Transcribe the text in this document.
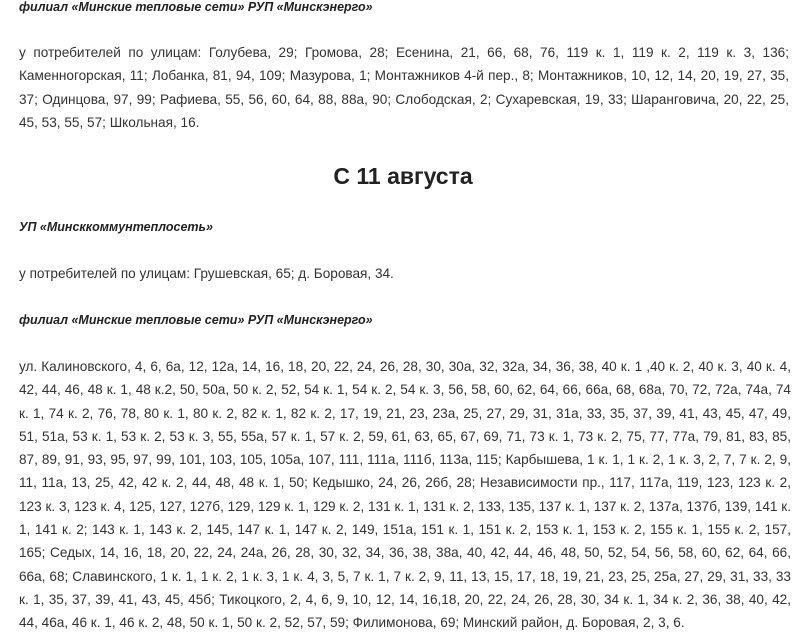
филиал «Минские тепловые сети» РУП «Минскэнерго»

у потребителей по улицам: Голубева, 29; Громова, 28; Есенина, 21, 66, 68, 76, 119 к. 1, 119 к. 2, 119 к. 3, 136; Каменногорская, 11; Лобанка, 81, 94, 109; Мазурова, 1; Монтажников 4-й пер., 8; Монтажников, 10, 12, 14, 20, 19, 27, 35, 37; Одинцова, 97, 99; Рафиева, 55, 56, 60, 64, 88, 88а, 90; Слободская, 2; Сухаревская, 19, 33; Шаранговича, 20, 22, 25, 45, 53, 55, 57; Школьная, 16.

С 11 августа

УП «Минсккоммунтеплосеть»

у потребителей по улицам: Грушевская, 65; д. Боровая, 34.

филиал «Минские тепловые сети» РУП «Минскэнерго»

ул. Калиновского, 4, 6, 6а, 12, 12а, 14, 16, 18, 20, 22, 24, 26, 28, 30, 30а, 32, 32а, 34, 36, 38, 40 к. 1 ,40 к. 2, 40 к. 3, 40 к. 4, 42, 44, 46, 48 к. 1, 48 к.2, 50, 50а, 50 к. 2, 52, 54 к. 1, 54 к. 2, 54 к. 3, 56, 58, 60, 62, 64, 66, 66а, 68, 68а, 70, 72, 72а, 74а, 74 к. 1, 74 к. 2, 76, 78, 80 к. 1, 80 к. 2, 82 к. 1, 82 к. 2, 17, 19, 21, 23, 23а, 25, 27, 29, 31, 31а, 33, 35, 37, 39, 41, 43, 45, 47, 49, 51, 51а, 53 к. 1, 53 к. 2, 53 к. 3, 55, 55а, 57 к. 1, 57 к. 2, 59, 61, 63, 65, 67, 69, 71, 73 к. 1, 73 к. 2, 75, 77, 77а, 79, 81, 83, 85, 87, 89, 91, 93, 95, 97, 99, 101, 103, 105, 105а, 107, 111, 111а, 111б, 113а, 115; Карбышева, 1 к. 1, 1 к. 2, 1 к. 3, 2, 7, 7 к. 2, 9, 11, 11а, 13, 25, 42, 42 к. 2, 44, 48, 48 к. 1, 50; Кедышко, 24, 26, 26б, 28; Независимости пр., 117, 117а, 119, 123, 123 к. 2, 123 к. 3, 123 к. 4, 125, 127, 127б, 129, 129 к. 1, 129 к. 2, 131 к. 1, 131 к. 2, 133, 135, 137 к. 1, 137 к. 2, 137а, 137б, 139, 141 к. 1, 141 к. 2; 143 к. 1, 143 к. 2, 145, 147 к. 1, 147 к. 2, 149, 151а, 151 к. 1, 151 к. 2, 153 к. 1, 153 к. 2, 155 к. 1, 155 к. 2, 157, 165; Седых, 14, 16, 18, 20, 22, 24, 24а, 26, 28, 30, 32, 34, 36, 38, 38а, 40, 42, 44, 46, 48, 50, 52, 54, 56, 58, 60, 62, 64, 66, 66а, 68; Славинского, 1 к. 1, 1 к. 2, 1 к. 3, 1 к. 4, 3, 5, 7 к. 1, 7 к. 2, 9, 11, 13, 15, 17, 18, 19, 21, 23, 25, 25а, 27, 29, 31, 33, 33 к. 1, 35, 37, 39, 41, 43, 45, 45б; Тикоцкого, 2, 4, 6, 9, 10, 12, 14, 16,18, 20, 22, 24, 26, 28, 30, 34 к. 1, 34 к. 2, 36, 38, 40, 42, 44, 46а, 46 к. 1, 46 к. 2, 48, 50 к. 1, 50 к. 2, 52, 57, 59; Филимонова, 69; Минский район, д. Боровая, 2, 3, 6.
